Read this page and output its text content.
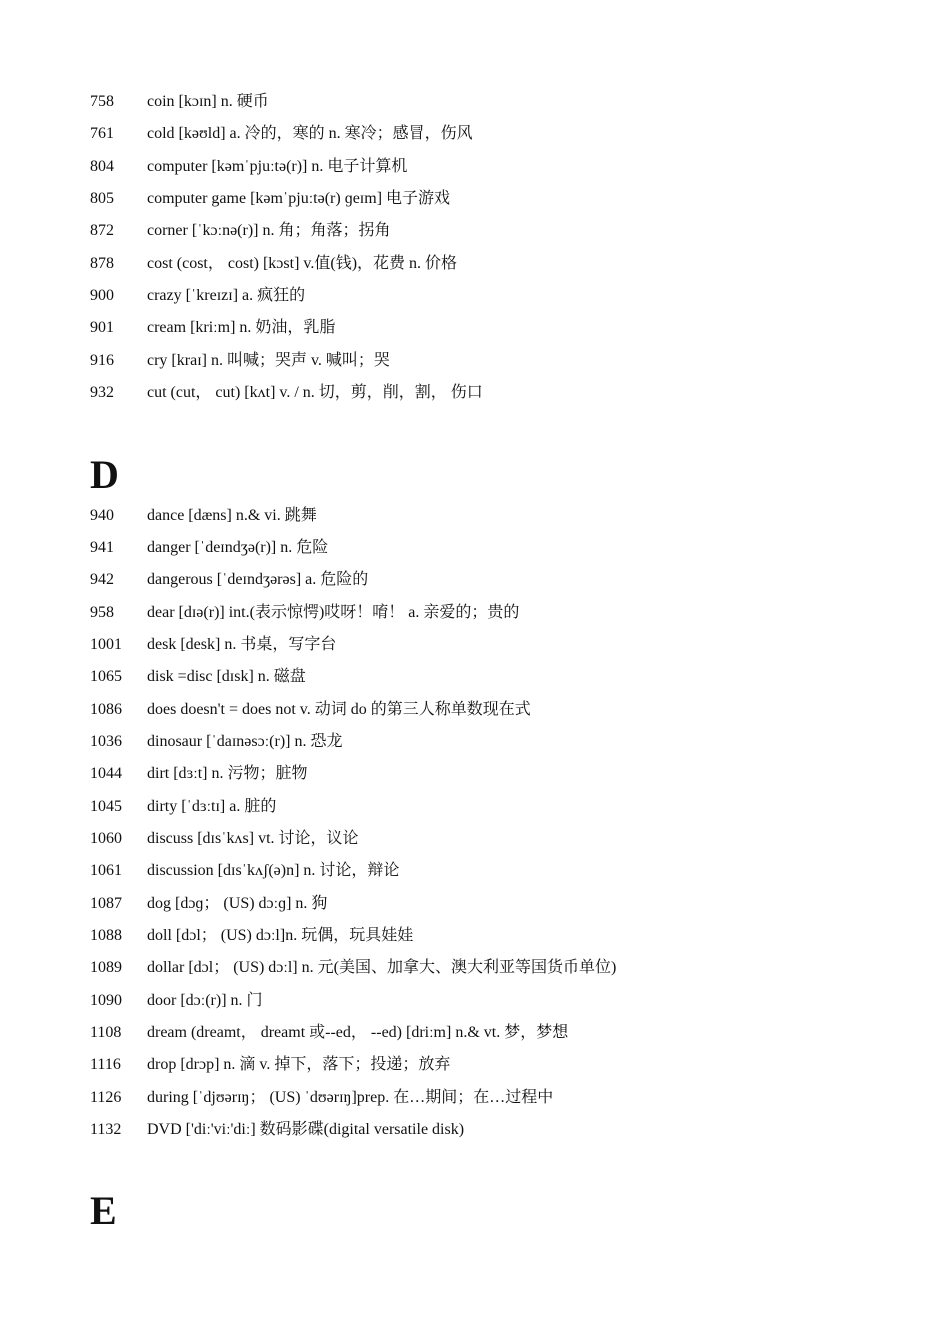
758 coin [kɔɪn] n. 硬币
761 cold [kəʊld] a. 冷的，寒的 n. 寒冷；感冒，伤风
804computer [kəmˈpjuːtə(r)] n. 电子计算机
805computer game [kəmˈpjuːtə(r) ɡeɪm] 电子游戏
872 corner [ˈkɔːnə(r)] n. 角；角落；拐角
878 cost (cost， cost) [kɔst] v.值(钱)，花费 n. 价格
900 crazy [ˈkreɪzɪ] a. 疯狂的
901 cream [kriːm] n. 奶油，乳脂
916 cry [kraɪ] n. 叫喊；哭声 v. 喊叫；哭
932 cut (cut， cut) [kʌt] v. / n. 切，剪，削，割， 伤口
D
940 dance [dæns] n.& vi. 跳舞
941 danger [ˈdeɪndʒə(r)] n. 危险
942 dangerous [ˈdeɪndʒərəs] a. 危险的
958 dear [dɪə(r)] int.(表示惊愕)哎呀！唷！ a. 亲爱的；贵的
1001 desk [desk] n. 书桌，写字台
1065 disk =disc [dɪsk] n. 磁盘
1086 does doesn't = does not v. 动词 do 的第三人称单数现在式
1036 dinosaur [ˈdaɪnəsɔː(r)] n. 恐龙
1044 dirt [dɜːt] n. 污物；脏物
1045 dirty [ˈdɜːtɪ] a. 脏的
1060 discuss [dɪsˈkʌs] vt. 讨论，议论
1061 discussion [dɪsˈkʌʃ(ə)n] n. 讨论，辩论
1087 dog [dɔɡ； (US) dɔːɡ] n. 狗
1088 doll [dɔl； (US) dɔːl]n. 玩偶，玩具娃娃
1089 dollar [dɔl； (US) dɔːl] n. 元(美国、加拿大、澳大利亚等国货币单位)
1090 door [dɔː(r)] n. 门
1108 dream (dreamt， dreamt 或--ed， --ed) [driːm] n.& vt. 梦，梦想
1116 drop [drɔp] n. 滴 v. 掉下，落下；投递；放弃
1126 during [ˈdjʊərɪŋ； (US) ˈdʊərɪŋ]prep. 在…期间；在…过程中
1132 DVD ['diː'viː'diː] 数码影碟(digital versatile disk)
E
